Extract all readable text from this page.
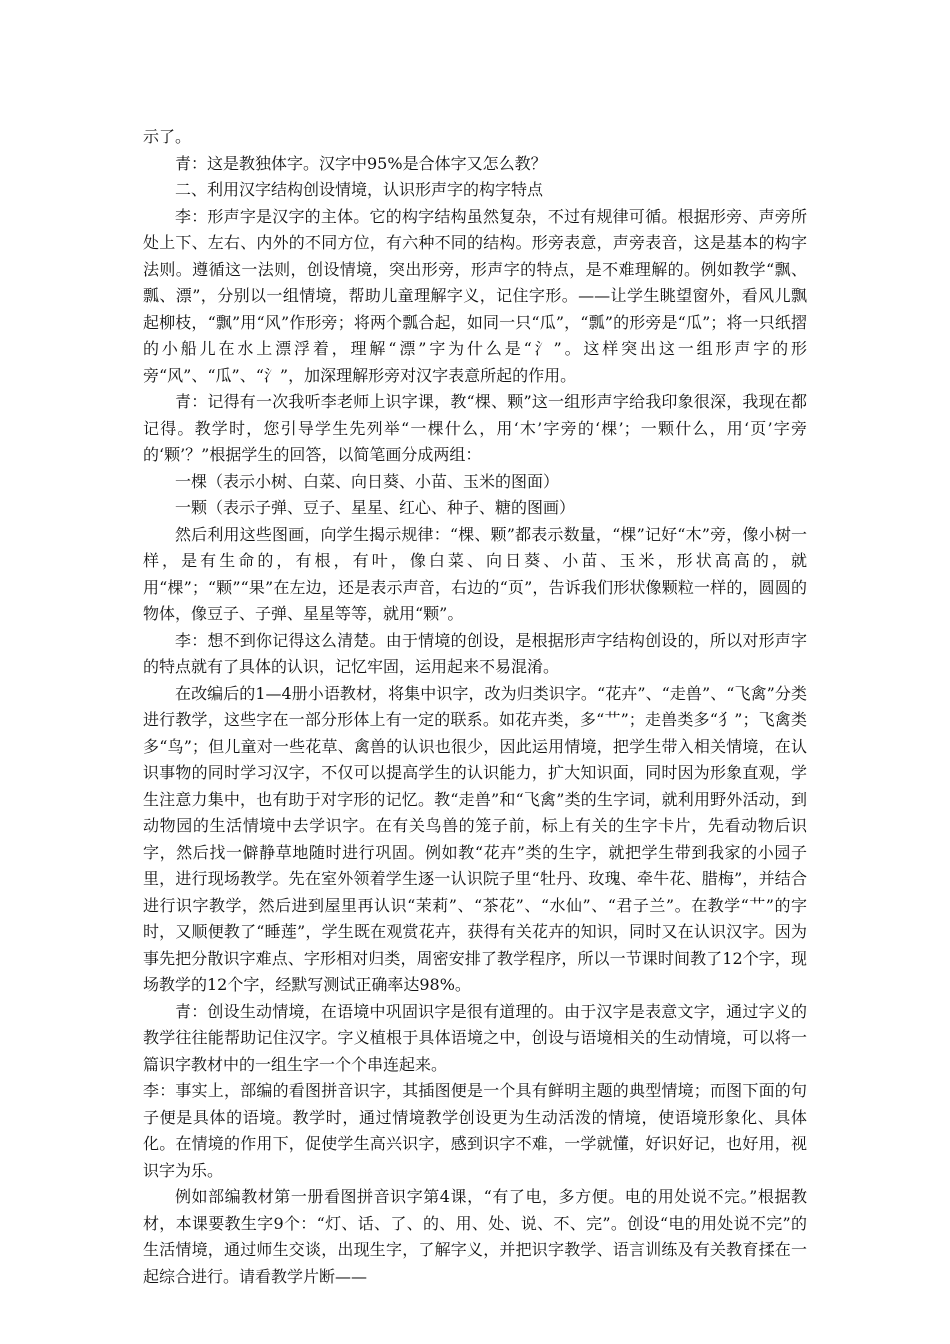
示了。

青：这是教独体字。汉字中95%是合体字又怎么教？

二、利用汉字结构创设情境，认识形声字的构字特点

李：形声字是汉字的主体。它的构字结构虽然复杂，不过有规律可循。根据形旁、声旁所处上下、左右、内外的不同方位，有六种不同的结构。形旁表意，声旁表音，这是基本的构字法则。遵循这一法则，创设情境，突出形旁，形声字的特点，是不难理解的。例如教学“飘、瓢、漂”，分别以一组情境，帮助儿童理解字义，记住字形。——让学生眺望窗外，看风儿飘起柳枝，“飘”用“风”作形旁；将两个瓢合起，如同一只“瓜”，“瓢”的形旁是“瓜”；将一只纸摺的小船儿在水上漂浮着，理解“漂”字为什么是“氵”。这样突出这一组形声字的形旁“风”、“瓜”、“氵”，加深理解形旁对汉字表意所起的作用。

青：记得有一次我听李老师上识字课，教“棵、颗”这一组形声字给我印象很深，我现在都记得。教学时，您引导学生先列举“一棵什么，用‘木’字旁的‘棵’；一颗什么，用‘页’字旁的‘颗’？”根据学生的回答，以简笔画分成两组：

一棵（表示小树、白菜、向日葵、小苗、玉米的图面）

一颗（表示子弹、豆子、星星、红心、种子、糖的图画）

然后利用这些图画，向学生揭示规律：“棵、颗”都表示数量，“棵”记好“木”旁，像小树一样，是有生命的，有根，有叶，像白菜、向日葵、小苗、玉米，形状高高的，就用“棵”；“颗”“果”在左边，还是表示声音，右边的“页”，告诉我们形状像颗粒一样的，圆圆的物体，像豆子、子弹、星星等等，就用“颗”。

李：想不到你记得这么清楚。由于情境的创设，是根据形声字结构创设的，所以对形声字的特点就有了具体的认识，记忆牢固，运用起来不易混淆。

在改编后的1—4册小语教材，将集中识字，改为归类识字。“花卉”、“走兽”、“飞禽”分类进行教学，这些字在一部分形体上有一定的联系。如花卉类，多“艹”；走兽类多“犭”；飞禽类多“鸟”；但儿童对一些花草、禽兽的认识也很少，因此运用情境，把学生带入相关情境，在认识事物的同时学习汉字，不仅可以提高学生的认识能力，扩大知识面，同时因为形象直观，学生注意力集中，也有助于对字形的记忆。教“走兽”和“飞禽”类的生字词，就利用野外活动，到动物园的生活情境中去学识字。在有关鸟兽的笼子前，标上有关的生字卡片，先看动物后识字，然后找一僻静草地随时进行巩固。例如教“花卉”类的生字，就把学生带到我家的小园子里，进行现场教学。先在室外领着学生逐一认识院子里“牡丹、玫瑰、牵牛花、腊梅”，并结合进行识字教学，然后进到屋里再认识“茉莉”、“茶花”、“水仙”、“君子兰”。在教学“艹”的字时，又顺便教了“睡莲”，学生既在观赏花卉，获得有关花卉的知识，同时又在认识汉字。因为事先把分散识字难点、字形相对归类，周密安排了教学程序，所以一节课时间教了12个字，现场教学的12个字，经默写测试正确率达98%。

青：创设生动情境，在语境中巩固识字是很有道理的。由于汉字是表意文字，通过字义的教学往往能帮助记住汉字。字义植根于具体语境之中，创设与语境相关的生动情境，可以将一篇识字教材中的一组生字一个个串连起来。

李：事实上，部编的看图拼音识字，其插图便是一个具有鲜明主题的典型情境；而图下面的句子便是具体的语境。教学时，通过情境教学创设更为生动活泼的情境，使语境形象化、具体化。在情境的作用下，促使学生高兴识字，感到识字不难，一学就懂，好识好记，也好用，视识字为乐。

例如部编教材第一册看图拼音识字第4课，“有了电，多方便。电的用处说不完。”根据教材，本课要教生字9个：“灯、话、了、的、用、处、说、不、完”。创设“电的用处说不完”的生活情境，通过师生交谈，出现生字，了解字义，并把识字教学、语言训练及有关教育揉在一起综合进行。请看教学片断——
